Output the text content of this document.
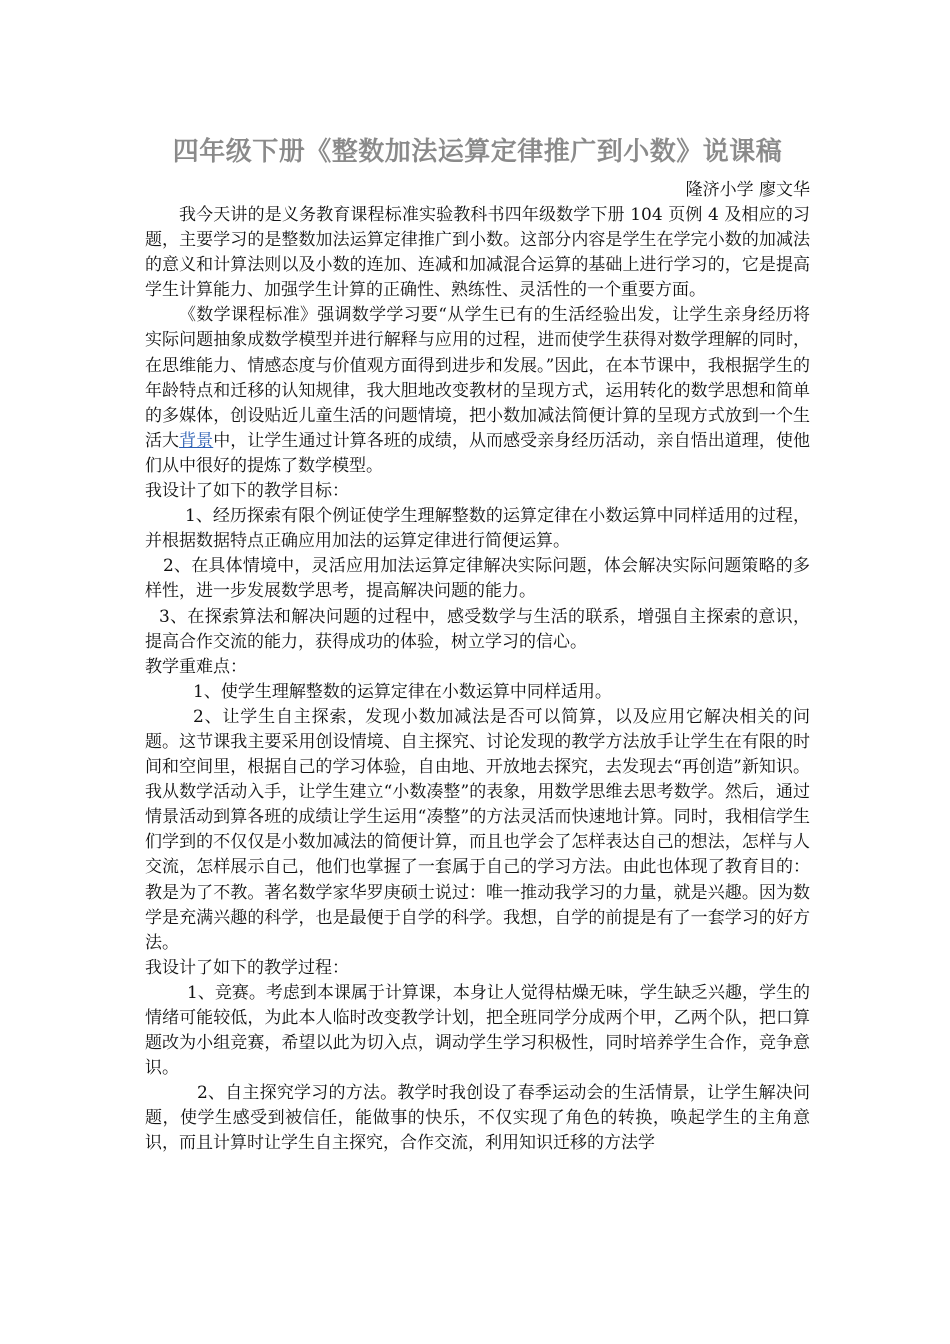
四年级下册《整数加法运算定律推广到小数》说课稿

隆济小学 廖文华

我今天讲的是义务教育课程标准实验教科书四年级数学下册 104 页例 4 及相应的习题，主要学习的是整数加法运算定律推广到小数。这部分内容是学生在学完小数的加减法的意义和计算法则以及小数的连加、连减和加减混合运算的基础上进行学习的，它是提高学生计算能力、加强学生计算的正确性、熟练性、灵活性的一个重要方面。

《数学课程标准》强调数学学习要“从学生已有的生活经验出发，让学生亲身经历将实际问题抽象成数学模型并进行解释与应用的过程，进而使学生获得对数学理解的同时，在思维能力、情感态度与价值观方面得到进步和发展。”因此，在本节课中，我根据学生的年龄特点和迁移的认知规律，我大胆地改变教材的呈现方式，运用转化的数学思想和简单的多媒体，创设贴近儿童生活的问题情境，把小数加减法简便计算的呈现方式放到一个生活大背景中，让学生通过计算各班的成绩，从而感受亲身经历活动，亲自悟出道理，使他们从中很好的提炼了数学模型。

我设计了如下的教学目标：

1、经历探索有限个例证使学生理解整数的运算定律在小数运算中同样适用的过程，并根据数据特点正确应用加法的运算定律进行简便运算。

2、在具体情境中，灵活应用加法运算定律解决实际问题，体会解决实际问题策略的多样性，进一步发展数学思考，提高解决问题的能力。

3、在探索算法和解决问题的过程中，感受数学与生活的联系，增强自主探索的意识，提高合作交流的能力，获得成功的体验，树立学习的信心。

教学重难点：

1、使学生理解整数的运算定律在小数运算中同样适用。

2、让学生自主探索，发现小数加减法是否可以简算，以及应用它解决相关的问题。这节课我主要采用创设情境、自主探究、讨论发现的教学方法放手让学生在有限的时间和空间里，根据自己的学习体验，自由地、开放地去探究，去发现去“再创造”新知识。我从数学活动入手，让学生建立“小数凑整”的表象，用数学思维去思考数学。然后，通过情景活动到算各班的成绩让学生运用“凑整”的方法灵活而快速地计算。同时，我相信学生们学到的不仅仅是小数加减法的简便计算，而且也学会了怎样表达自己的想法，怎样与人交流，怎样展示自己，他们也掌握了一套属于自己的学习方法。由此也体现了教育目的：教是为了不教。著名数学家华罗庚硕士说过：唯一推动我学习的力量，就是兴趣。因为数学是充满兴趣的科学，也是最便于自学的科学。我想，自学的前提是有了一套学习的好方法。

我设计了如下的教学过程：

1、竞赛。考虑到本课属于计算课，本身让人觉得枯燥无味，学生缺乏兴趣，学生的情绪可能较低，为此本人临时改变教学计划，把全班同学分成两个甲，乙两个队，把口算题改为小组竞赛，希望以此为切入点，调动学生学习积极性，同时培养学生合作，竞争意识。

2、自主探究学习的方法。教学时我创设了春季运动会的生活情景，让学生解决问题，使学生感受到被信任，能做事的快乐，不仅实现了角色的转换，唤起学生的主角意识，而且计算时让学生自主探究，合作交流，利用知识迁移的方法学
